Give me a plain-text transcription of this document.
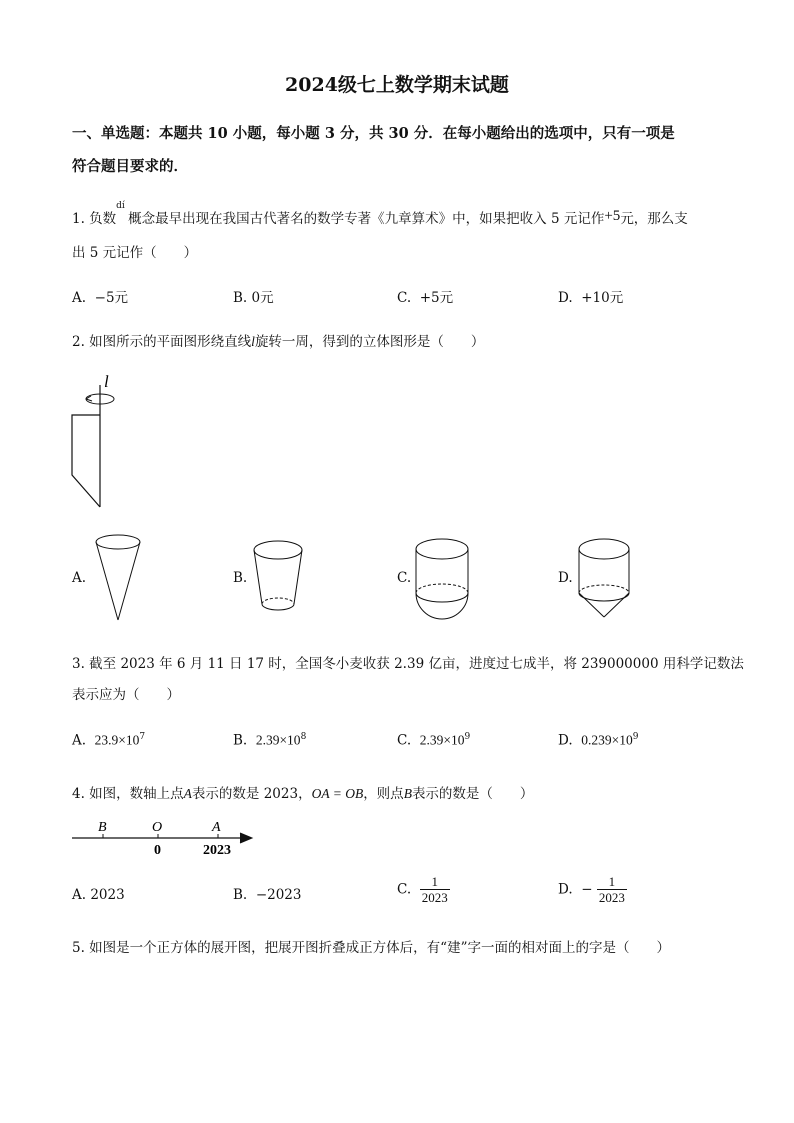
2024级七上数学期末试题
一、单选题：本题共 10 小题，每小题 3 分，共 30 分．在每小题给出的选项中，只有一项是
符合题目要求的．
1. 负数
dí
概念最早出现在我国古代著名的数学专著《九章算术》中，如果把收入 5 元记作+5元，那么支
出 5 元记作（　　）
A. −5元	B. 0元	C. +5元	D. +10元
2. 如图所示的平面图形绕直线l旋转一周，得到的立体图形是（　　）
l
A.	B.	C.	D.
3. 截至 2023 年 6 月 11 日 17 时，全国冬小麦收获 2.39 亿亩，进度过七成半，将 239000000 用科学记数法
表示应为（　　）
A. $23.9\times 10^7$	B. $2.39\times 10^8$	C. $2.39\times 10^9$	D. $0.239\times 10^9$
4. 如图，数轴上点A表示的数是 2023，OA = OB，则点B表示的数是（　　）
B	O	A
0	2023
A. 2023	B. −2023	C. $\frac{1}{2023}$	D. − $\frac{1}{2023}$
5. 如图是一个正方体的展开图，把展开图折叠成正方体后，有“建”字一面的相对面上的字是（　　）
